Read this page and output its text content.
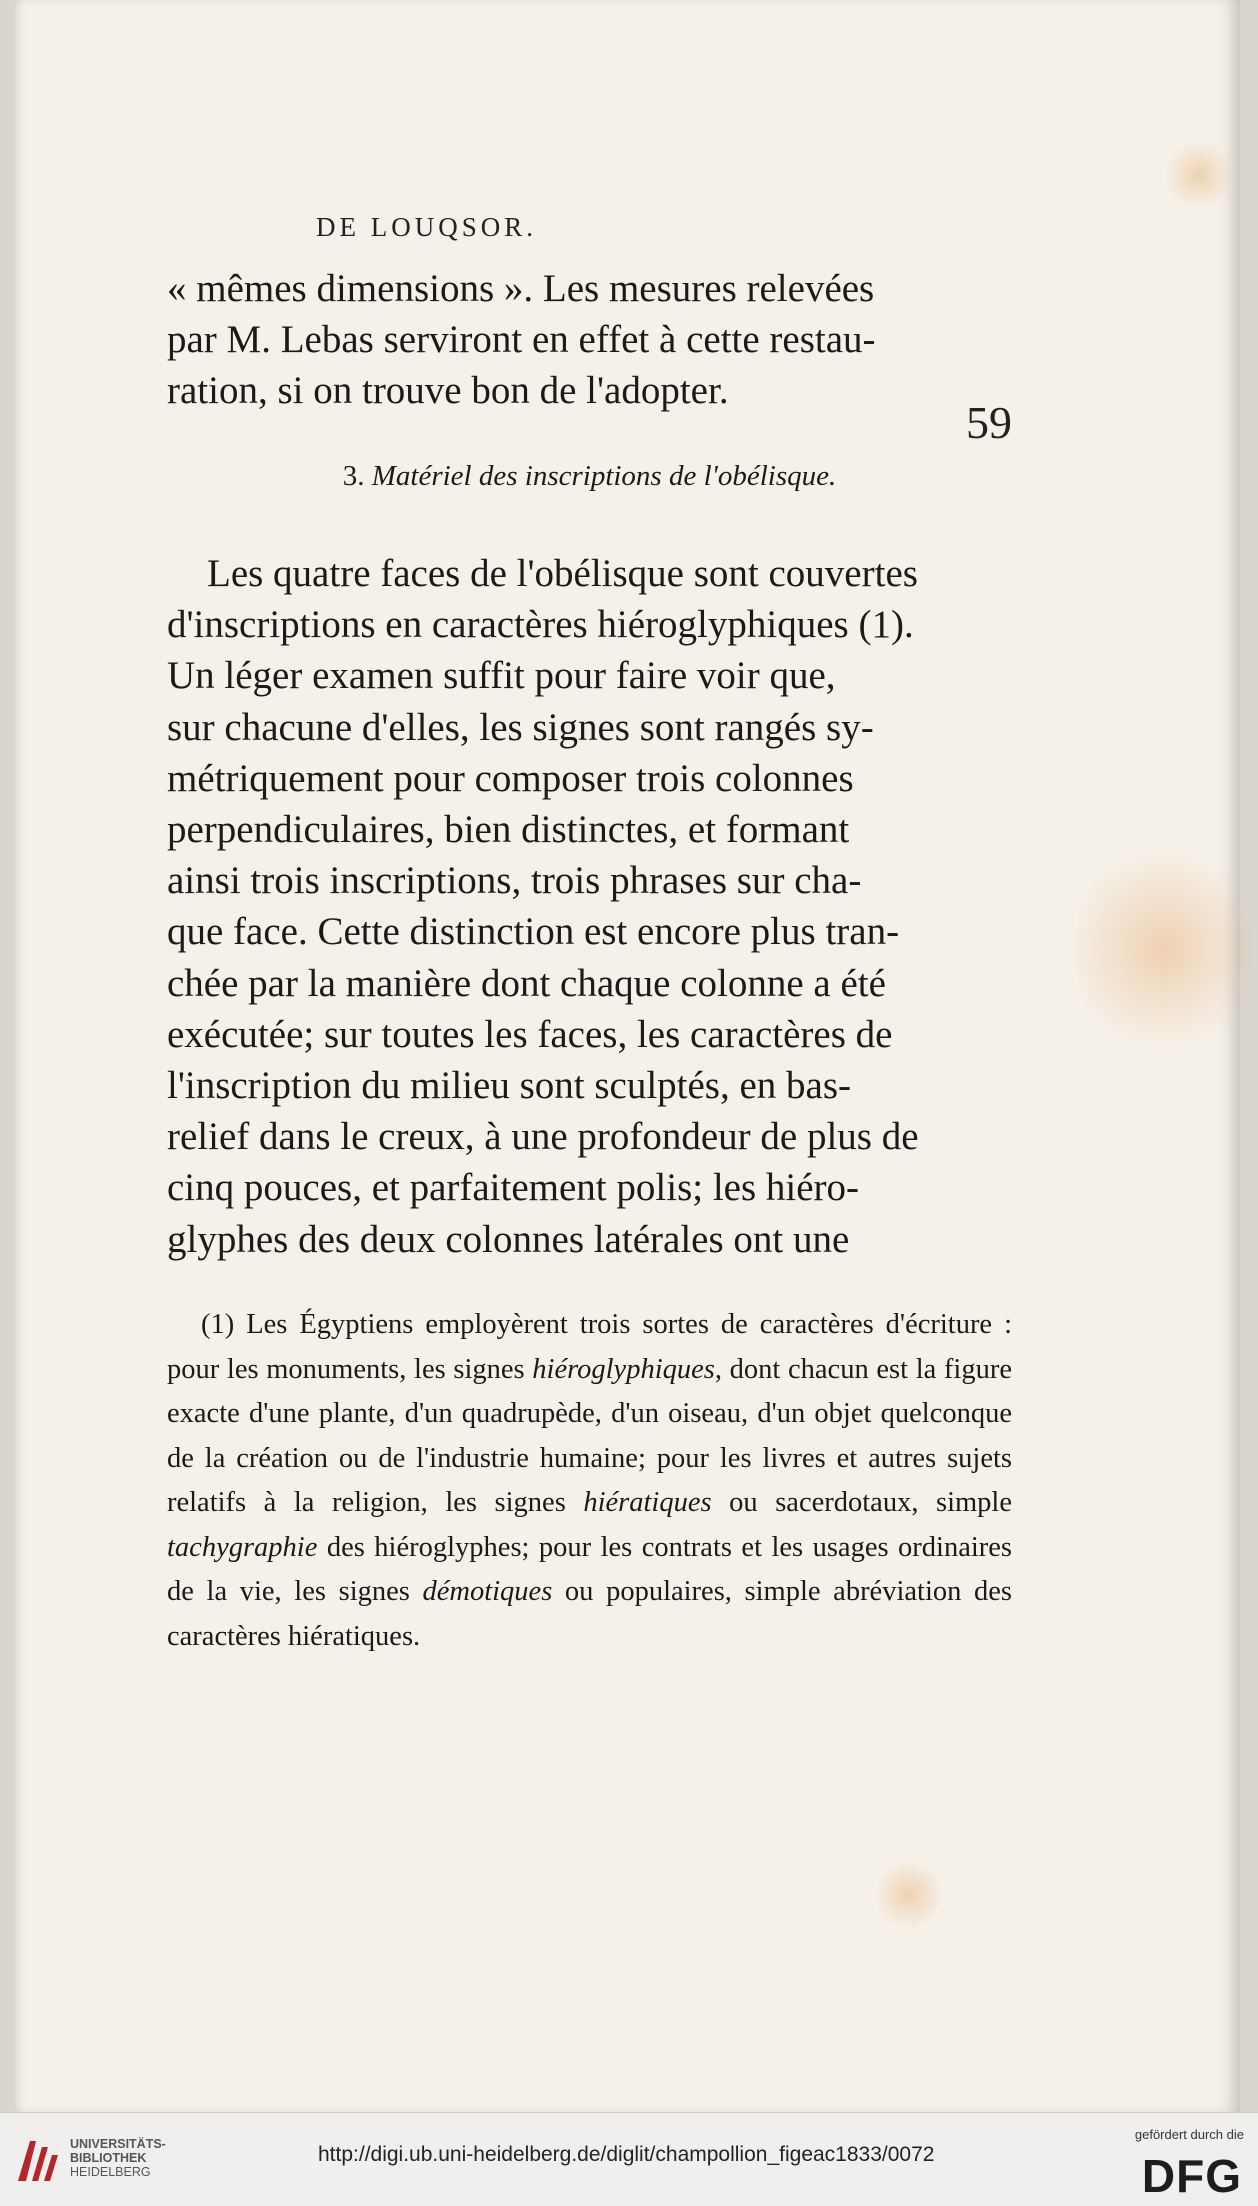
59
DE LOUQSOR.

« mêmes dimensions ». Les mesures relevées
par M. Lebas serviront en effet à cette restau-
ration, si on trouve bon de l'adopter.

3. Matériel des inscriptions de l'obélisque.

Les quatre faces de l'obélisque sont couvertes
d'inscriptions en caractères hiéroglyphiques (1).
Un léger examen suffit pour faire voir que,
sur chacune d'elles, les signes sont rangés sy-
métriquement pour composer trois colonnes
perpendiculaires, bien distinctes, et formant
ainsi trois inscriptions, trois phrases sur cha-
que face. Cette distinction est encore plus tran-
chée par la manière dont chaque colonne a été
exécutée; sur toutes les faces, les caractères de
l'inscription du milieu sont sculptés, en bas-
relief dans le creux, à une profondeur de plus de
cinq pouces, et parfaitement polis; les hiéro-
glyphes des deux colonnes latérales ont une

(1) Les Égyptiens employèrent trois sortes de caractères d'écriture : pour les monuments, les signes hiéroglyphiques, dont chacun est la figure exacte d'une plante, d'un quadrupède, d'un oiseau, d'un objet quelconque de la création ou de l'industrie humaine; pour les livres et autres sujets relatifs à la religion, les signes hiératiques ou sacerdotaux, simple tachygraphie des hiéroglyphes; pour les contrats et les usages ordinaires de la vie, les signes démotiques ou populaires, simple abréviation des caractères hiératiques.

UNIVERSITÄTS-
BIBLIOTHEK
HEIDELBERG
http://digi.ub.uni-heidelberg.de/diglit/champollion_figeac1833/0072
gefördert durch die
DFG
